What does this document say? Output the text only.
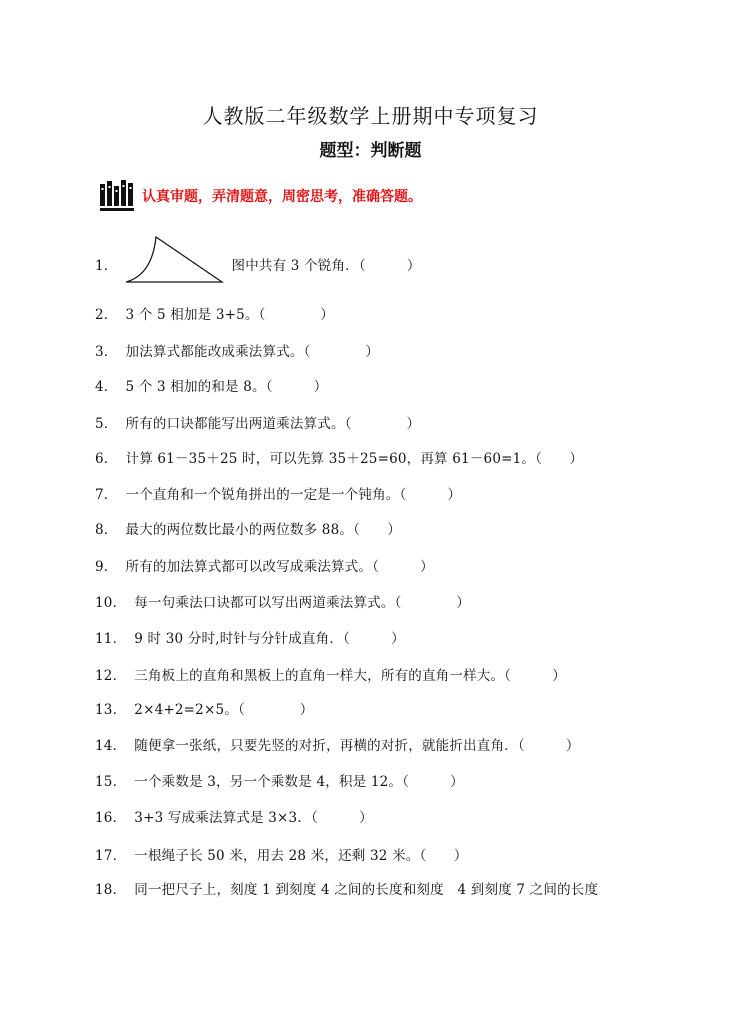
人教版二年级数学上册期中专项复习
题型：判断题
认真审题，弄清题意，周密思考，准确答题。
1．	图中共有 3 个锐角．（　　　）
2． 3 个 5 相加是 3+5。（　　　　）
3． 加法算式都能改成乘法算式。（　　　　）
4． 5 个 3 相加的和是 8。（　　　）
5． 所有的口诀都能写出两道乘法算式。（　　　　）
6． 计算 61－35＋25 时，可以先算 35＋25=60，再算 61－60=1。（　　）
7． 一个直角和一个锐角拼出的一定是一个钝角。（　　　）
8． 最大的两位数比最小的两位数多 88。（　　）
9． 所有的加法算式都可以改写成乘法算式。（　　　）
10． 每一句乘法口诀都可以写出两道乘法算式。（　　　　）
11． 9 时 30 分时,时针与分针成直角．（　　　）
12． 三角板上的直角和黑板上的直角一样大，所有的直角一样大。（　　　）
13． 2×4+2=2×5。（　　　　）
14． 随便拿一张纸，只要先竖的对折，再横的对折，就能折出直角．（　　　）
15． 一个乘数是 3，另一个乘数是 4，积是 12。（　　　）
16． 3+3 写成乘法算式是 3×3．（　　　）
17． 一根绳子长 50 米，用去 28 米，还剩 32 米。（　　）
18． 同一把尺子上，刻度 1 到刻度 4 之间的长度和刻度　4 到刻度 7 之间的长度
